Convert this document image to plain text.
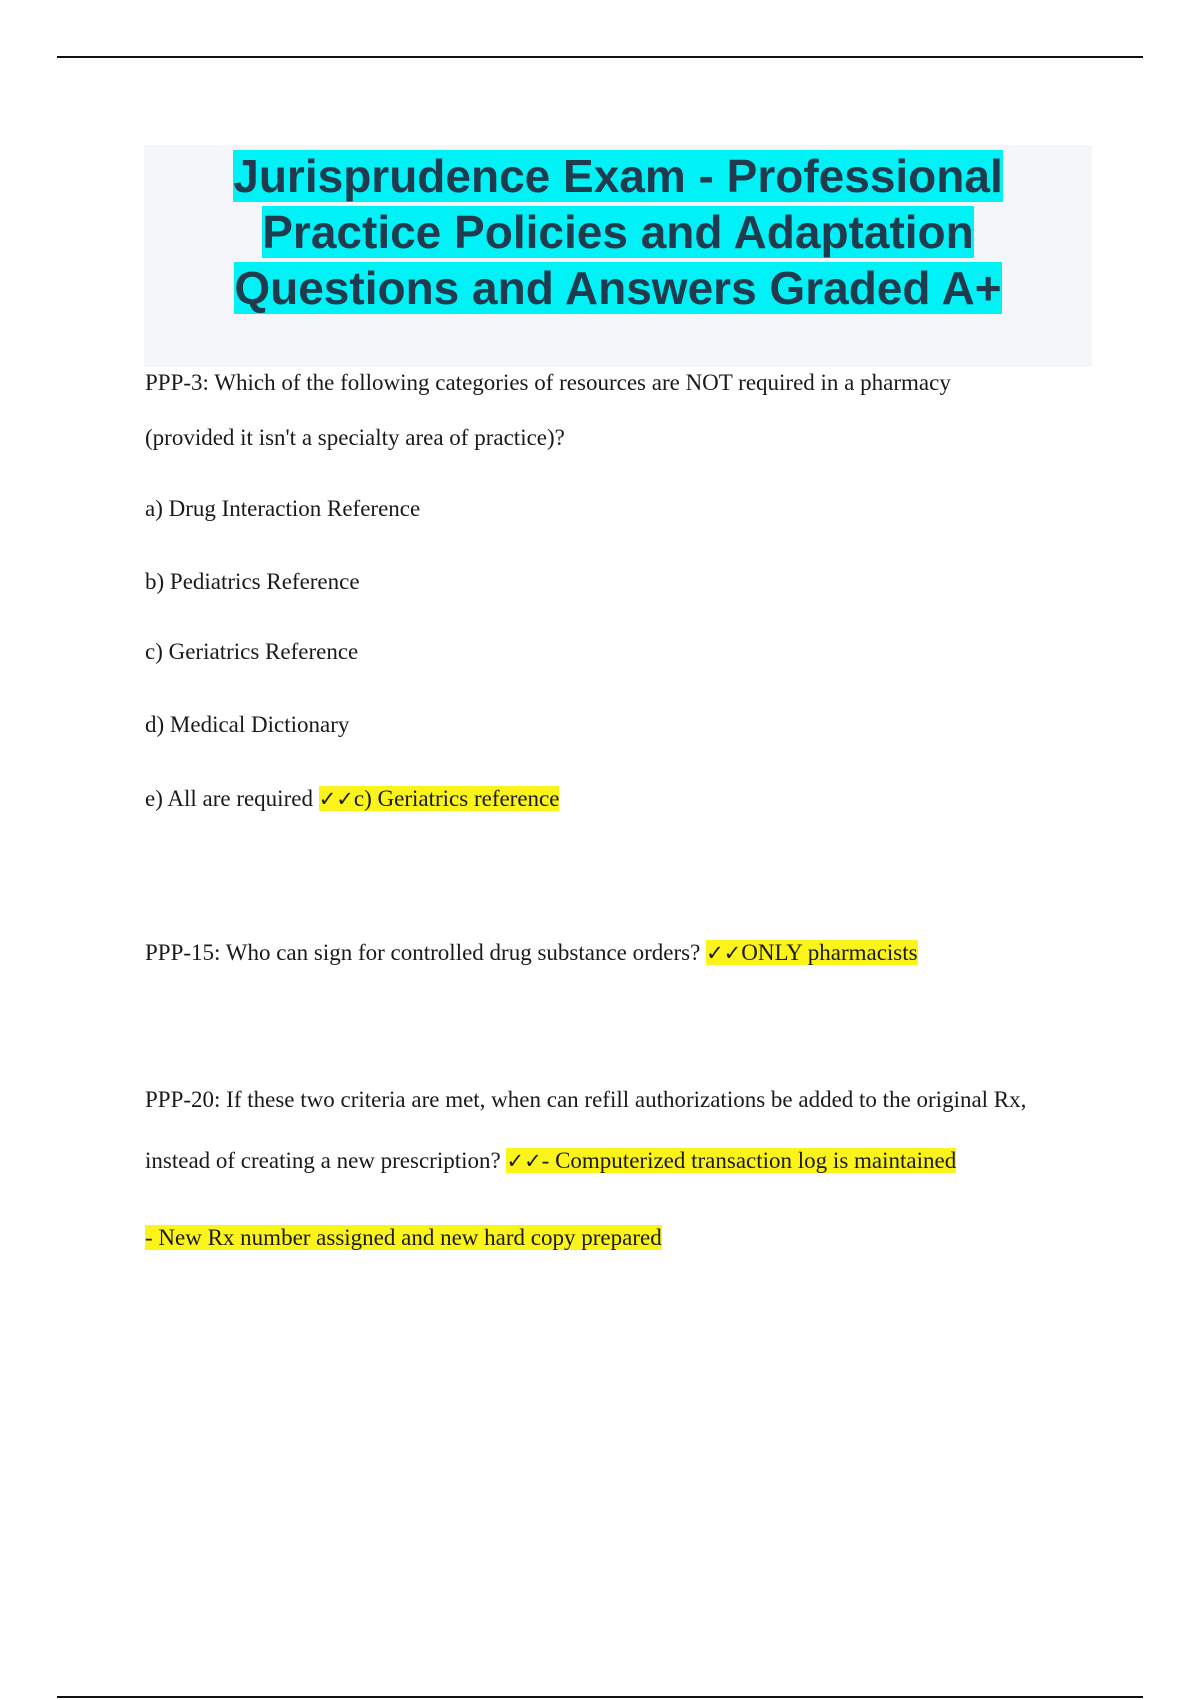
Jurisprudence Exam - Professional
Practice Policies and Adaptation
Questions and Answers Graded A+

PPP-3: Which of the following categories of resources are NOT required in a pharmacy

(provided it isn't a specialty area of practice)?

a) Drug Interaction Reference

b) Pediatrics Reference

c) Geriatrics Reference

d) Medical Dictionary

e) All are required ✓✓c) Geriatrics reference

PPP-15: Who can sign for controlled drug substance orders? ✓✓ONLY pharmacists

PPP-20: If these two criteria are met, when can refill authorizations be added to the original Rx,

instead of creating a new prescription? ✓✓- Computerized transaction log is maintained

- New Rx number assigned and new hard copy prepared
